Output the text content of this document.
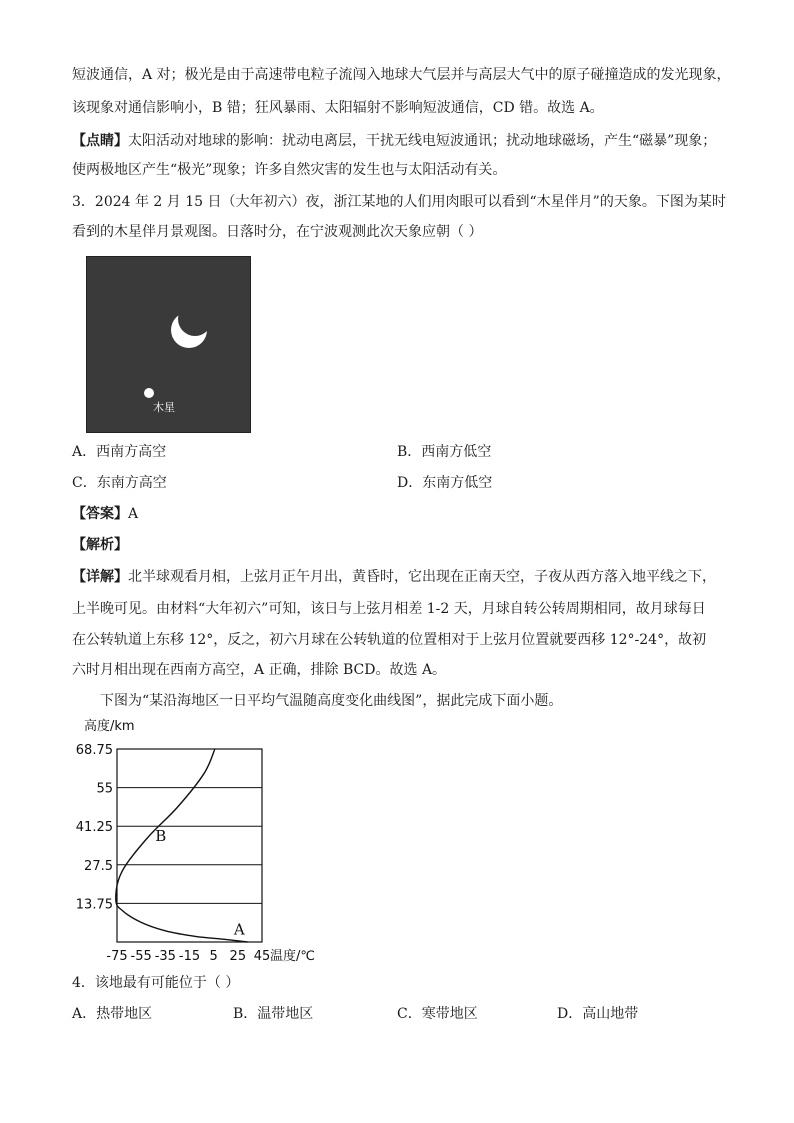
短波通信，A 对；极光是由于高速带电粒子流闯入地球大气层并与高层大气中的原子碰撞造成的发光现象，
该现象对通信影响小，B 错；狂风暴雨、太阳辐射不影响短波通信，CD 错。故选 A。
【点睛】太阳活动对地球的影响：扰动电离层，干扰无线电短波通讯；扰动地球磁场，产生“磁暴”现象；
使两极地区产生“极光”现象；许多自然灾害的发生也与太阳活动有关。
3．2024 年 2 月 15 日（大年初六）夜，浙江某地的人们用肉眼可以看到“木星伴月”的天象。下图为某时
看到的木星伴月景观图。日落时分，在宁波观测此次天象应朝（ ）
木星
A．西南方高空	B．西南方低空
C．东南方高空	D．东南方低空
【答案】A
【解析】
【详解】北半球观看月相，上弦月正午月出，黄昏时，它出现在正南天空，子夜从西方落入地平线之下，
上半晚可见。由材料“大年初六”可知，该日与上弦月相差 1-2 天，月球自转公转周期相同，故月球每日
在公转轨道上东移 12°，反之，初六月球在公转轨道的位置相对于上弦月位置就要西移 12°-24°，故初
六时月相出现在西南方高空，A 正确，排除 BCD。故选 A。
下图为“某沿海地区一日平均气温随高度变化曲线图”，据此完成下面小题。
68.75
55
41.25
27.5
13.75
高度/km
-75 -55 -35 -15 5 25 45 温度/℃
A
B
4．该地最有可能位于（ ）
A．热带地区	B．温带地区	C．寒带地区	D．高山地带
